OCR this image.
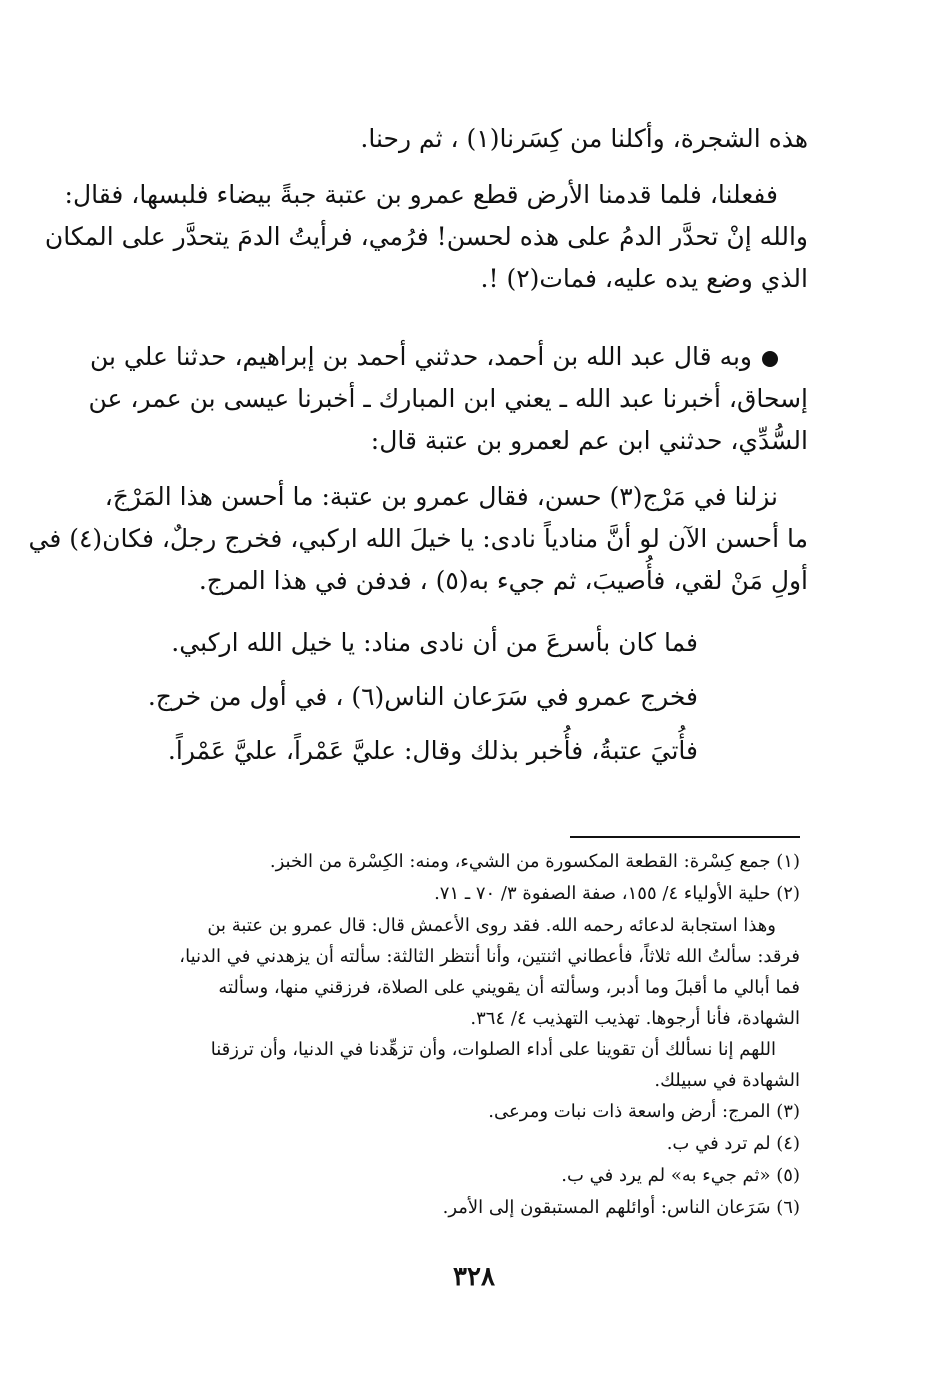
هذه الشجرة، وأكلنا من كِسَرنا(١) ، ثم رحنا.
ففعلنا، فلما قدمنا الأرض قطع عمرو بن عتبة جبةً بيضاء فلبسها، فقال:
والله إنْ تحدَّر الدمُ على هذه لحسن! فرُمي، فرأيتُ الدمَ يتحدَّر على المكان
الذي وضع يده عليه، فمات(٢) !.
وبه قال عبد الله بن أحمد، حدثني أحمد بن إبراهيم، حدثنا علي بن
إسحاق، أخبرنا عبد الله ـ يعني ابن المبارك ـ أخبرنا عيسى بن عمر، عن
السُّدِّي، حدثني ابن عم لعمرو بن عتبة قال:
نزلنا في مَرْج(٣) حسن، فقال عمرو بن عتبة: ما أحسن هذا المَرْجَ،
ما أحسن الآن لو أنَّ منادياً نادى: يا خيلَ الله اركبي، فخرج رجلٌ، فكان(٤) في
أولِ مَنْ لقي، فأُصيبَ، ثم جيء به(٥) ، فدفن في هذا المرج.
فما كان بأسرعَ من أن نادى مناد: يا خيل الله اركبي.
فخرج عمرو في سَرَعان الناس(٦) ، في أول من خرج.
فأُتيَ عتبةُ، فأُخبر بذلك وقال: عليَّ عَمْراً، عليَّ عَمْراً.
(١) جمع كِسْرة: القطعة المكسورة من الشيء، ومنه: الكِسْرة من الخبز.
(٢) حلية الأولياء ٤/ ١٥٥، صفة الصفوة ٣/ ٧٠ ـ ٧١.
وهذا استجابة لدعائه رحمه الله. فقد روى الأعمش قال: قال عمرو بن عتبة بن
فرقد: سألتُ الله ثلاثاً، فأعطاني اثنتين، وأنا أنتظر الثالثة: سألته أن يزهدني في الدنيا،
فما أبالي ما أقبلَ وما أدبر، وسألته أن يقويني على الصلاة، فرزقني منها، وسألته
الشهادة، فأنا أرجوها. تهذيب التهذيب ٤/ ٣٦٤.
اللهم إنا نسألك أن تقوينا على أداء الصلوات، وأن تزهِّدنا في الدنيا، وأن ترزقنا
الشهادة في سبيلك.
(٣) المرج: أرض واسعة ذات نبات ومرعى.
(٤) لم ترد في ب.
(٥) «ثم جيء به» لم يرد في ب.
(٦) سَرَعان الناس: أوائلهم المستبقون إلى الأمر.
٣٢٨
